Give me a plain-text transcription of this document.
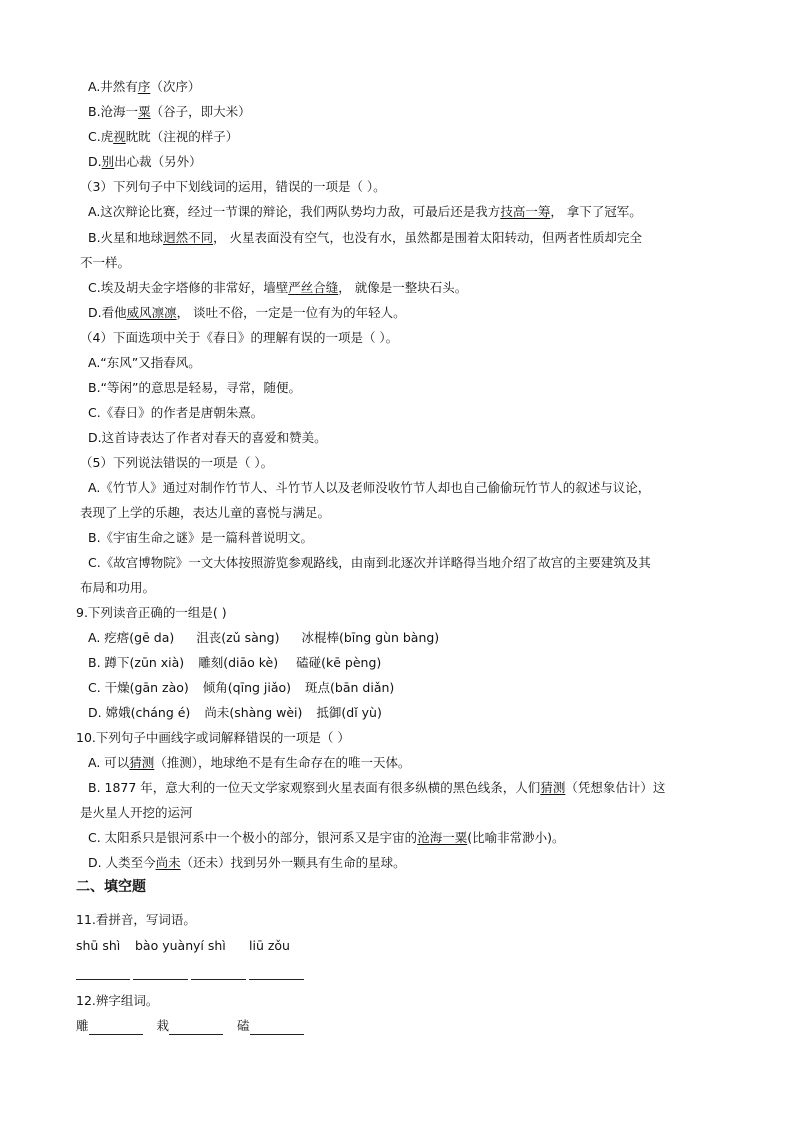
A.井然有序（次序）
B.沧海一粟（谷子，即大米）
C.虎视眈眈（注视的样子）
D.别出心裁（另外）
（3）下列句子中下划线词的运用，错误的一项是（ ）。
A.这次辩论比赛，经过一节课的辩论，我们两队势均力敌，可最后还是我方技高一筹， 拿下了冠军。
B.火星和地球迥然不同， 火星表面没有空气，也没有水，虽然都是围着太阳转动，但两者性质却完全
不一样。
C.埃及胡夫金字塔修的非常好，墙壁严丝合缝， 就像是一整块石头。
D.看他威风凛凛， 谈吐不俗，一定是一位有为的年轻人。
（4）下面选项中关于《春日》的理解有误的一项是（ ）。
A.“东风”又指春风。
B.“等闲”的意思是轻易，寻常，随便。
C.《春日》的作者是唐朝朱熹。
D.这首诗表达了作者对春天的喜爱和赞美。
（5）下列说法错误的一项是（ ）。
A.《竹节人》通过对制作竹节人、斗竹节人以及老师没收竹节人却也自己偷偷玩竹节人的叙述与议论，
表现了上学的乐趣，表达儿童的喜悦与满足。
B.《宇宙生命之谜》是一篇科普说明文。
C.《故宫博物院》一文大体按照游览参观路线，由南到北逐次并详略得当地介绍了故宫的主要建筑及其
布局和功用。
9.下列读音正确的一组是( )
A. 疙瘩(gē da) 沮丧(zǔ sàng) 冰棍棒(bīng gùn bàng)
B. 蹲下(zūn xià) 雕刻(diāo kè) 磕碰(kē pèng)
C. 干燥(gān zào) 倾角(qīng jiǎo) 斑点(bān diǎn)
D. 嫦娥(cháng é) 尚未(shàng wèi) 抵御(dǐ yù)
10.下列句子中画线字或词解释错误的一项是（ ）
A. 可以猜测（推测），地球绝不是有生命存在的唯一天体。
B. 1877 年，意大利的一位天文学家观察到火星表面有很多纵横的黑色线条，人们猜测（凭想象估计）这
是火星人开挖的运河
C. 太阳系只是银河系中一个极小的部分，银河系又是宇宙的沧海一粟(比喻非常渺小)。
D. 人类至今尚未（还未）找到另外一颗具有生命的星球。
二、填空题
11.看拼音，写词语。
shū shì bào yuànyí shì liū zǒu
12.辨字组词。
雕	栽	磕
